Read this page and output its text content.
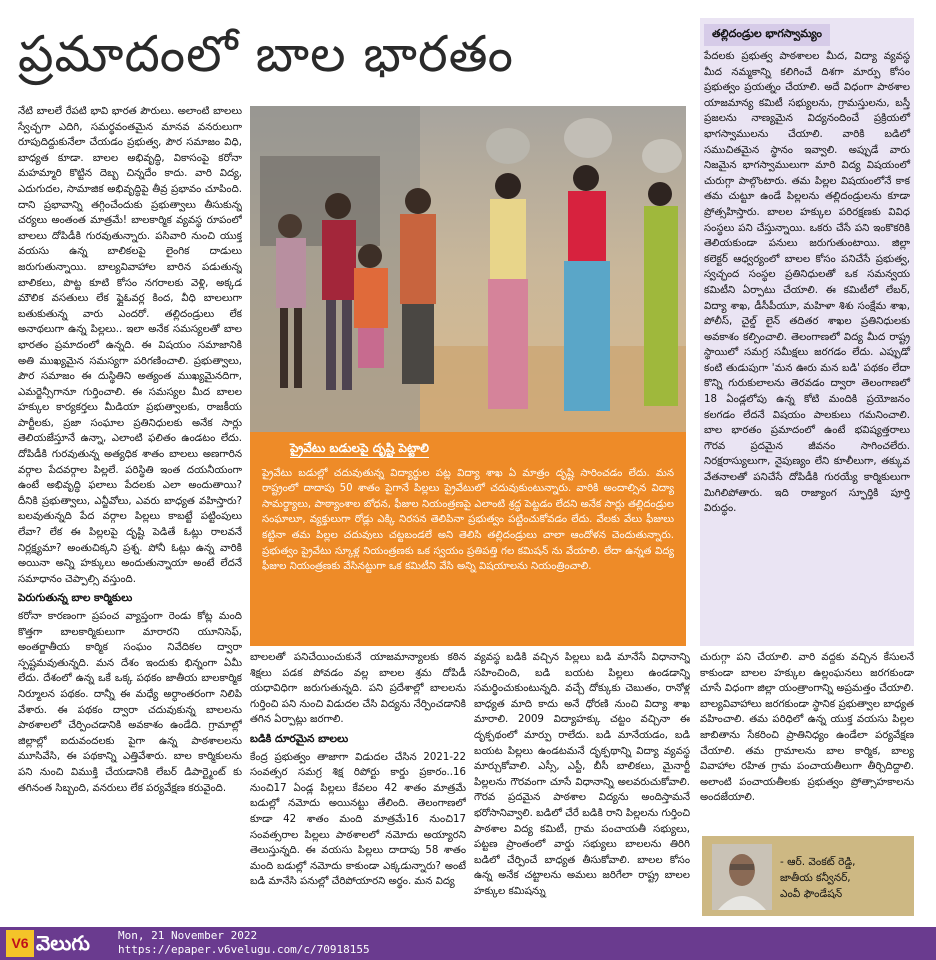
ప్రమాదంలో బాల భారతం

నేటి బాలలే రేపటి భావి భారత పౌరులు. అలాంటి బాలలు స్వేచ్ఛగా ఎదిగి, సమర్థవంతమైన మానవ వనరులుగా రూపుదిద్దుకునేలా చేయడం ప్రభుత్వ, పౌర సమాజం విధి, బాధ్యత కూడా. బాలల అభివృద్ధి, వికాసంపై కరోనా మహమ్మారి కొట్టిన దెబ్బ చిన్నదేం కాదు. వారి విద్య, ఎదుగుదల, సామాజిక అభివృద్ధిపై తీవ్ర ప్రభావం చూపింది. దాని ప్రభావాన్ని తగ్గించేందుకు ప్రభుత్వాలు తీసుకున్న చర్యలు అంతంత మాత్రమే! బాలకార్మిక వ్యవస్థ రూపంలో బాలలు దోపిడీకి గురవుతున్నారు. పసివారి నుంచి యుక్త వయసు ఉన్న బాలికలపై లైంగిక దాడులు జరుగుతున్నాయి. బాల్యవివాహాల బారిన పడుతున్న బాలికలు, పొట్ట కూటి కోసం నగరాలకు వెళ్లి, అక్కడ మౌలిక వసతులు లేక ఫ్లైఓవర్ల కింద, వీధి బాలలుగా బతుకుతున్న వారు ఎందరో. తల్లిదండ్రులు లేక అనాథలుగా ఉన్న పిల్లలు.. ఇలా అనేక సమస్యలతో బాల భారతం ప్రమాదంలో ఉన్నది. ఈ విషయం సమాజానికి అతి ముఖ్యమైన సమస్యగా పరిగణించాలి. ప్రభుత్వాలు, పౌర సమాజం ఈ దుస్థితిని అత్యంత ముఖ్యమైనదిగా, ఎమర్జెన్సీగానూ గుర్తించాలి. ఈ సమస్యల మీద బాలల హక్కుల కార్యకర్తలు మీడియా ప్రభుత్వాలకు, రాజకీయ పార్టీలకు, ప్రజా సంఘాల ప్రతినిధులకు అనేక సార్లు తెలియజేస్తూనే ఉన్నా, ఎలాంటి ఫలితం ఉండటం లేదు. దోపిడీకి గురవుతున్న అత్యధిక శాతం బాలలు అణగారిన వర్గాల పేదవర్గాల పిల్లలే. పరిస్థితి ఇంత దయనీయంగా ఉంటే అభివృద్ధి ఫలాలు పేదలకు ఎలా అందుతాయి? దీనికి ప్రభుత్వాలు, ఎన్జీవోలు, ఎవరు బాధ్యత వహిస్తారు? బలవుతున్నది పేద వర్గాల పిల్లలు కాబట్టే పట్టింపులు లేవా? లేక ఈ పిల్లలపై దృష్టి పెడితే ఓట్లు రాలవనే నిర్లక్ష్యమా? అంతుచిక్కని ప్రశ్న. పోనీ ఓట్లు ఉన్న వారికి అయినా అన్ని హక్కులు అందుతున్నాయా అంటే లేదనే సమాధానం చెప్పాల్సి వస్తుంది.

పెరుగుతున్న బాల కార్మికులు

కరోనా కారణంగా ప్రపంచ వ్యాప్తంగా రెండు కోట్ల మంది కొత్తగా బాలకార్మికులుగా మారారని యూనిసెఫ్, అంతర్జాతీయ కార్మిక సంఘం నివేదికల ద్వారా స్పష్టమవుతున్నది. మన దేశం ఇందుకు భిన్నంగా ఏమీ లేదు. దేశంలో ఉన్న ఒకే ఒక్క పథకం జాతీయ బాలకార్మిక నిర్మూలన పథకం. దాన్నీ ఈ మధ్యే అర్ధాంతరంగా నిలిపి వేశారు. ఈ పథకం ద్వారా చదువుకున్న బాలలను పాఠశాలలో చేర్పించడానికి అవకాశం ఉండేది. గ్రామాల్లో జిల్లాల్లో ఐదువందలకు పైగా ఉన్న పాఠశాలలను మూసివేసి, ఈ పథకాన్ని ఎత్తివేశారు. బాల కార్మికులను పని నుంచి విముక్తి చేయడానికి లేబర్ డిపార్ట్మెంట్ కు తగినంత సిబ్బంది, వనరులు లేక పర్యవేక్షణ కరువైంది.

ప్రైవేటు బడులపై దృష్టి పెట్టాలి
ప్రైవేటు బడుల్లో చదువుతున్న విద్యార్థుల పట్ల విద్యా శాఖ ఏ మాత్రం దృష్టి సారించడం లేదు. మన రాష్ట్రంలో దాదాపు 50 శాతం పైగానే పిల్లలు ప్రైవేటులో చదువుకుంటున్నారు. వారికి అందాల్సిన విద్యా సామర్థ్యాలు, పాఠ్యాంశాల బోధన, ఫీజుల నియంత్రణపై ఎలాంటి శ్రద్ధ పెట్టడం లేదని అనేక సార్లు తల్లిదండ్రుల సంఘాలూ, వ్యక్తులుగా రోడ్లు ఎక్కి నిరసన తెలిపినా ప్రభుత్వం పట్టించుకోవడం లేదు. వేలకు వేలు ఫీజులు కట్టినా తమ పిల్లల చదువులు చట్టబండలే అని తెలిసి తల్లిదండ్రులు చాలా ఆందోళన చెందుతున్నారు. ప్రభుత్వం ప్రైవేటు స్కూళ్ల నియంత్రణకు ఒక స్వయం ప్రతిపత్తి గల కమిషన్ ను వేయాలి. లేదా ఉన్నత విద్య ఫీజుల నియంత్రణకు వేసినట్టుగా ఒక కమిటీని వేసి అన్ని విషయాలను నియంత్రించాలి.

బాలలతో పనిచేయించుకునే యాజమాన్యాలకు కఠిన శిక్షలు పడక పోవడం వల్ల బాలల శ్రమ దోపిడీ యధావిధిగా జరుగుతున్నది. పని ప్రదేశాల్లో బాలలను గుర్తించి పని నుంచి విడుదల చేసి విద్యను నేర్పించడానికి తగిన ఏర్పాట్లు జరగాలి.

బడికి దూరమైన బాలలు

కేంద్ర ప్రభుత్వం తాజాగా విడుదల చేసిన 2021-22 సంవత్సర సమగ్ర శిక్ష రిపోర్టు కార్డు ప్రకారం..16 నుంచి17 ఏండ్ల పిల్లలు కేవలం 42 శాతం మాత్రమే బడుల్లో నమోదు అయినట్టు తేలింది. తెలంగాణలో కూడా 42 శాతం మంది మాత్రమే16 నుంచి17 సంవత్సరాల పిల్లలు పాఠశాలలో నమోదు అయ్యారని తెలుస్తున్నది. ఈ వయసు పిల్లలు దాదాపు 58 శాతం మంది బడుల్లో నమోదు కాకుండా ఎక్కడున్నారు? అంటే బడి మానేసి పనుల్లో చేరిపోయారని అర్థం. మన విద్య

వ్యవస్థ బడికి వచ్చిన పిల్లలు బడి మానేసే విధానాన్ని సహించింది, బడి బయట పిల్లలు ఉండడాన్ని సమర్థించుకుంటున్నది. వచ్చే దోక్కుకు చెబుతం, రానోళ్ల బాధ్యత మాది కాదు అనే ధోరణి నుంచి విద్యా శాఖ మారాలి. 2009 విద్యాహక్కు చట్టం వచ్చినా ఈ దృక్పథంలో మార్పు రాలేదు. బడి మానేయడం, బడి బయట పిల్లలు ఉండటమనే దృక్పథాన్ని విద్యా వ్యవస్థ మార్చుకోవాలి. ఎస్సీ, ఎస్టీ, బీసీ బాలికలు, మైనార్టీ పిల్లలను గౌరవంగా చూసే విధానాన్ని అలవరుచుకోవాలి. గౌరవ ప్రదమైన పాఠశాల విద్యను అందిస్తామనే భరోసానివ్వాలి. బడిలో చేరే బడికి రాని పిల్లలను గుర్తించి పాఠశాల విద్య కమిటీ, గ్రామ పంచాయతీ సభ్యులు, పట్టణ ప్రాంతంలో వార్డు సభ్యులు బాలలను తిరిగి బడిలో చేర్పించే బాధ్యత తీసుకోవాలి. బాలల కోసం ఉన్న అనేక చట్టాలను అమలు జరిగేలా రాష్ట్ర బాలల హక్కుల కమిషన్ను

తల్లిదండ్రుల భాగస్వామ్యం
పేదలకు ప్రభుత్వ పాఠశాలల మీద, విద్యా వ్యవస్థ మీద నమ్మకాన్ని కలిగించే దిశగా మార్పు కోసం ప్రభుత్వం ప్రయత్నం చేయాలి. అదే విధంగా పాఠశాల యాజమాన్య కమిటీ సభ్యులను, గ్రామస్తులను, బస్తీ ప్రజలను నాణ్యమైన విద్యనందించే ప్రక్రియలో భాగస్వాములను చేయాలి. వారికి బడిలో సముచితమైన స్థానం ఇవ్వాలి. అప్పుడే వారు నిజమైన భాగస్వాములుగా మారి విద్య విషయంలో చురుగ్గా పాల్గొంటారు. తమ పిల్లల విషయంలోనే కాక తమ చుట్టూ ఉండే పిల్లలను తల్లిదండ్రులను కూడా ప్రోత్సహిస్తారు. బాలల హక్కుల పరిరక్షణకు వివిధ సంస్థలు పని చేస్తున్నాయి. ఒకరు చేసే పని ఇంకొకరికి తెలియకుండా పనులు జరుగుతుంటాయి. జిల్లా కలెక్టర్ ఆధ్వర్యంలో బాలల కోసం పనిచేసే ప్రభుత్వ, స్వచ్ఛంద సంస్థల ప్రతినిధులతో ఒక సమన్వయ కమిటీని ఏర్పాటు చేయాలి. ఈ కమిటీలో లేబర్, విద్యా శాఖ, డీసీపీయూ, మహిళా శిశు సంక్షేమ శాఖ, పోలీస్, చైల్డ్ లైన్ తదితర శాఖల ప్రతినిధులకు అవకాశం కల్పించాలి. తెలంగాణలో విద్య మీద రాష్ట్ర స్థాయిలో సమగ్ర సమీక్షలు జరగడం లేదు. ఎప్పుడో కంటి తుడుపుగా 'మన ఊరు మన బడి' పథకం లేదా కొన్ని గురుకులాలను తెరవడం ద్వారా తెలంగాణలో 18 ఏండ్లలోపు ఉన్న కోటి మందికి ప్రయోజనం కలగడం లేదనే విషయం పాలకులు గమనించాలి. బాల భారతం ప్రమాదంలో ఉంటే భవిష్యత్తరాలు గౌరవ ప్రదమైన జీవనం సాగించలేరు. నిరక్షరాస్యులుగా, నైపుణ్యం లేని కూలీలుగా, తక్కువ వేతనాలతో పనిచేసే దోపిడీకి గురయ్యే కార్మికులుగా మిగిలిపోతారు. ఇది రాజ్యాంగ స్ఫూర్తికి పూర్తి విరుద్ధం.

చురుగ్గా పని చేయాలి. వారి వద్దకు వచ్చిన కేసులనే కాకుండా బాలల హక్కుల ఉల్లంఘనలు జరగకుండా చూసే విధంగా జిల్లా యంత్రాంగాన్ని అప్రమత్తం చేయాలి. బాల్యవివాహాలు జరగకుండా స్థానిక ప్రభుత్వాల బాధ్యత వహించాలి. తమ పరిధిలో ఉన్న యుక్త వయసు పిల్లల జాబితాను సేకరించి ప్రాతినిధ్యం ఉండేలా పర్యవేక్షణ చేయాలి. తమ గ్రామాలను బాల కార్మిక, బాల్య వివాహాల రహిత గ్రామ పంచాయతీలుగా తీర్చిదిద్దాలి. అలాంటి పంచాయతీలకు ప్రభుత్వం ప్రోత్సాహకాలను అందజేయాలి.

- ఆర్. వెంకట్ రెడ్డి,
జాతీయ కన్వీనర్,
ఎంవీ ఫౌండేషన్
V6 వెలుగు	Mon, 21 November 2022
https://epaper.v6velugu.com/c/70918155
